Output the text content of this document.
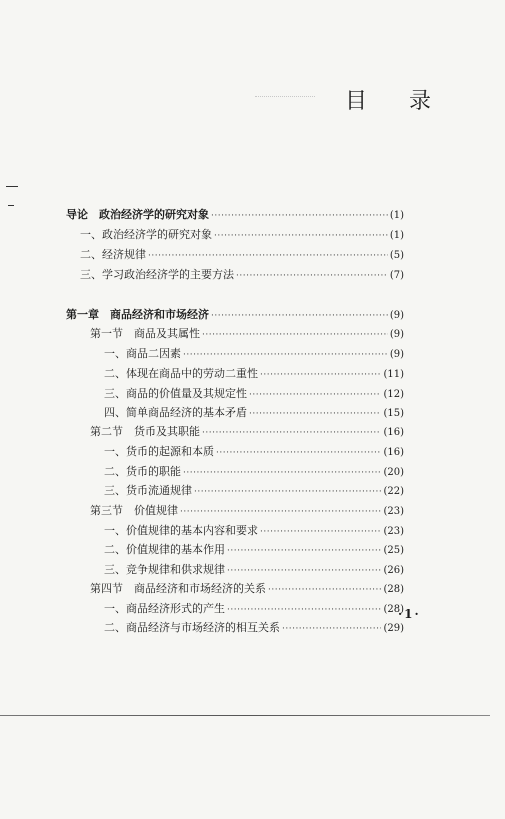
目 录
导论　政治经济学的研究对象 ·····	(1)
一、政治经济学的研究对象 ·····	(1)
二、经济规律 ·····	(5)
三、学习政治经济学的主要方法 ·····	(7)
第一章　商品经济和市场经济 ·····	(9)
第一节　商品及其属性 ·····	(9)
一、商品二因素 ·····	(9)
二、体现在商品中的劳动二重性 ·····	(11)
三、商品的价值量及其规定性 ·····	(12)
四、简单商品经济的基本矛盾 ·····	(15)
第二节　货币及其职能 ·····	(16)
一、货币的起源和本质 ·····	(16)
二、货币的职能 ·····	(20)
三、货币流通规律 ·····	(22)
第三节　价值规律 ·····	(23)
一、价值规律的基本内容和要求 ·····	(23)
二、价值规律的基本作用 ·····	(25)
三、竞争规律和供求规律 ·····	(26)
第四节　商品经济和市场经济的关系 ·····	(28)
一、商品经济形式的产生 ·····	(28)
二、商品经济与市场经济的相互关系 ·····	(29)
·1·
